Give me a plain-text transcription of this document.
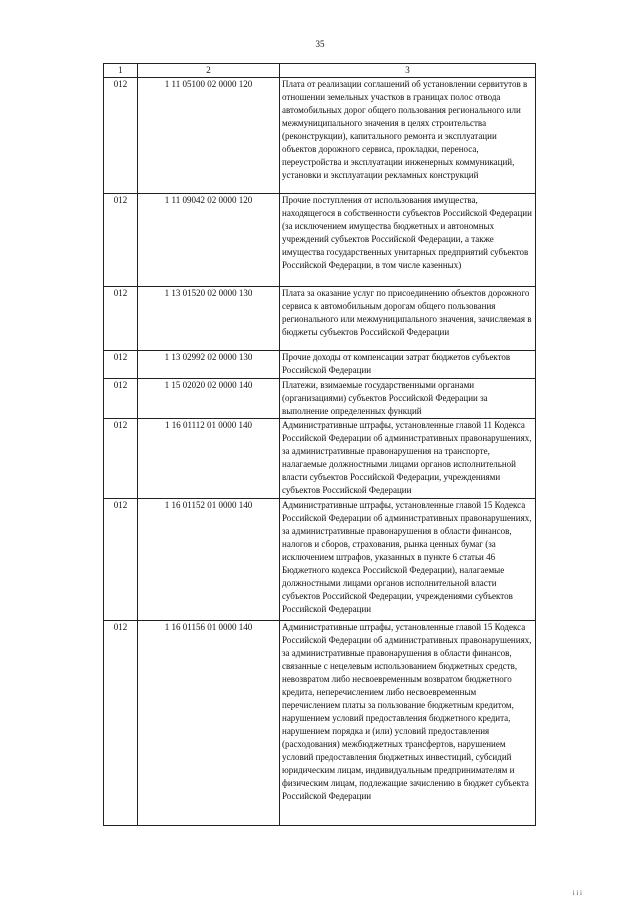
35
1	2	3
012	1 11 05100 02 0000 120	Плата от реализации соглашений об установлении сервитутов в отношении земельных участков в границах полос отвода автомобильных дорог общего пользования регионального или межмуниципального значения в целях строительства (реконструкции), капитального ремонта и эксплуатации объектов дорожного сервиса, прокладки, переноса, переустройства и эксплуатации инженерных коммуникаций, установки и эксплуатации рекламных конструкций
012	1 11 09042 02 0000 120	Прочие поступления от использования имущества, находящегося в собственности субъектов Российской Федерации (за исключением имущества бюджетных и автономных учреждений субъектов Российской Федерации, а также имущества государственных унитарных предприятий субъектов Российской Федерации, в том числе казенных)
012	1 13 01520 02 0000 130	Плата за оказание услуг по присоединению объектов дорожного сервиса к автомобильным дорогам общего пользования регионального или межмуниципального значения, зачисляемая в бюджеты субъектов Российской Федерации
012	1 13 02992 02 0000 130	Прочие доходы от компенсации затрат бюджетов субъектов Российской Федерации
012	1 15 02020 02 0000 140	Платежи, взимаемые государственными органами (организациями) субъектов Российской Федерации за выполнение определенных функций
012	1 16 01112 01 0000 140	Административные штрафы, установленные главой 11 Кодекса Российской Федерации об административных правонарушениях, за административные правонарушения на транспорте, налагаемые должностными лицами органов исполнительной власти субъектов Российской Федерации, учреждениями субъектов Российской Федерации
012	1 16 01152 01 0000 140	Административные штрафы, установленные главой 15 Кодекса Российской Федерации об административных правонарушениях, за административные правонарушения в области финансов, налогов и сборов, страхования, рынка ценных бумаг (за исключением штрафов, указанных в пункте 6 статьи 46 Бюджетного кодекса Российской Федерации), налагаемые должностными лицами органов исполнительной власти субъектов Российской Федерации, учреждениями субъектов Российской Федерации
012	1 16 01156 01 0000 140	Административные штрафы, установленные главой 15 Кодекса Российской Федерации об административных правонарушениях, за административные правонарушения в области финансов, связанные с нецелевым использованием бюджетных средств, невозвратом либо несвоевременным возвратом бюджетного кредита, неперечислением либо несвоевременным перечислением платы за пользование бюджетным кредитом, нарушением условий предоставления бюджетного кредита, нарушением порядка и (или) условий предоставления (расходования) межбюджетных трансфертов, нарушением условий предоставления бюджетных инвестиций, субсидий юридическим лицам, индивидуальным предпринимателям и физическим лицам, подлежащие зачислению в бюджет субъекта Российской Федерации
i i i
